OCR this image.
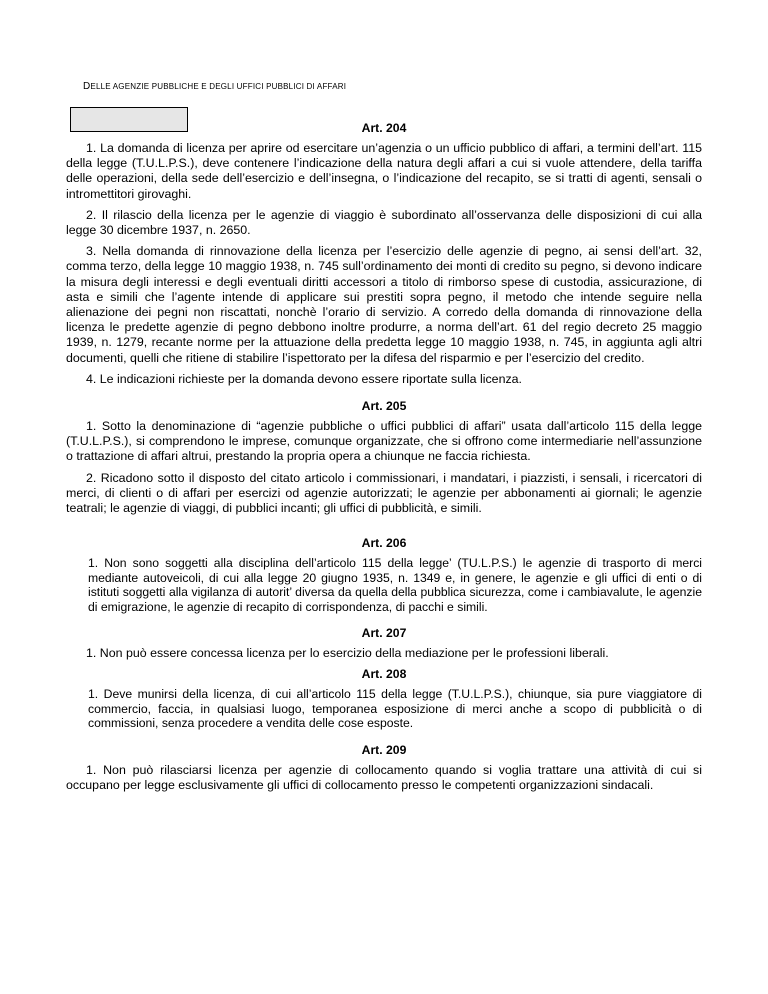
DELLE AGENZIE PUBBLICHE E DEGLI UFFICI PUBBLICI DI AFFARI
Art. 204

1. La domanda di licenza per aprire od esercitare un’agenzia o un ufficio pubblico di affari, a termini dell’art. 115 della legge (T.U.L.P.S.), deve contenere l’indicazione della natura degli affari a cui si vuole attendere, della tariffa delle operazioni, della sede dell’esercizio e dell’insegna, o l’indicazione del recapito, se si tratti di agenti, sensali o intromettitori girovaghi.

2. Il rilascio della licenza per le agenzie di viaggio è subordinato all’osservanza delle disposizioni di cui alla legge 30 dicembre 1937, n. 2650.

3. Nella domanda di rinnovazione della licenza per l’esercizio delle agenzie di pegno, ai sensi dell’art. 32, comma terzo, della legge 10 maggio 1938, n. 745 sull’ordinamento dei monti di credito su pegno, si devono indicare la misura degli interessi e degli eventuali diritti accessori a titolo di rimborso spese di custodia, assicurazione, di asta e simili che l’agente intende di applicare sui prestiti sopra pegno, il metodo che intende seguire nella alienazione dei pegni non riscattati, nonchè l’orario di servizio. A corredo della domanda di rinnovazione della licenza le predette agenzie di pegno debbono inoltre produrre, a norma dell’art. 61 del regio decreto 25 maggio 1939, n. 1279, recante norme per la attuazione della predetta legge 10 maggio 1938, n. 745, in aggiunta agli altri documenti, quelli che ritiene di stabilire l’ispettorato per la difesa del risparmio e per l’esercizio del credito.

4. Le indicazioni richieste per la domanda devono essere riportate sulla licenza.

Art. 205

1. Sotto la denominazione di “agenzie pubbliche o uffici pubblici di affari” usata dall’articolo 115 della legge (T.U.L.P.S.), si comprendono le imprese, comunque organizzate, che si offrono come intermediarie nell’assunzione o trattazione di affari altrui, prestando la propria opera a chiunque ne faccia richiesta.

2. Ricadono sotto il disposto del citato articolo i commissionari, i mandatari, i piazzisti, i sensali, i ricercatori di merci, di clienti o di affari per esercizi od agenzie autorizzati; le agenzie per abbonamenti ai giornali; le agenzie teatrali; le agenzie di viaggi, di pubblici incanti; gli uffici di pubblicità, e simili.

Art. 206

1. Non sono soggetti alla disciplina dell’articolo 115 della legge’ (TU.L.P.S.) le agenzie di trasporto di merci mediante autoveicoli, di cui alla legge 20 giugno 1935, n. 1349 e, in genere, le agenzie e gli uffici di enti o di istituti soggetti alla vigilanza di autorit’ diversa da quella della pubblica sicurezza, come i cambiavalute, le agenzie di emigrazione, le agenzie di recapito di corrispondenza, di pacchi e simili.

Art. 207

1. Non può essere concessa licenza per lo esercizio della mediazione per le professioni liberali.

Art. 208

1. Deve munirsi della licenza, di cui all’articolo 115 della legge (T.U.L.P.S.), chiunque, sia pure viaggiatore di commercio, faccia, in qualsiasi luogo, temporanea esposizione di merci anche a scopo di pubblicità o di commissioni, senza procedere a vendita delle cose esposte.

Art. 209

1. Non può rilasciarsi licenza per agenzie di collocamento quando si voglia trattare una attività di cui si occupano per legge esclusivamente gli uffici di collocamento presso le competenti organizzazioni sindacali.
